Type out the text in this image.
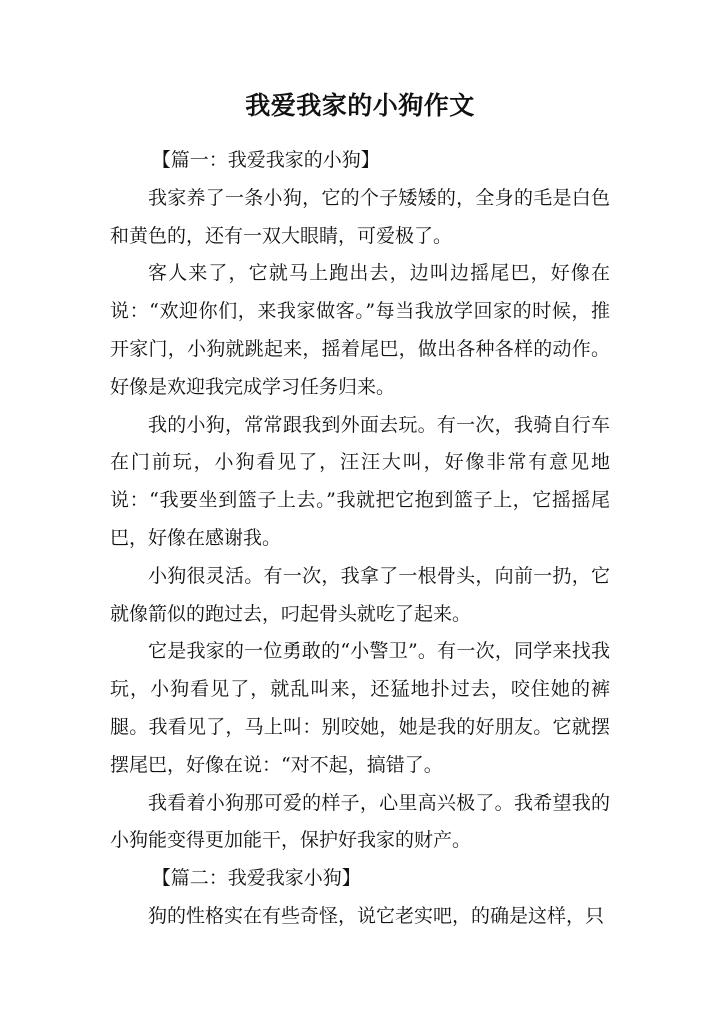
我爱我家的小狗作文

【篇一：我爱我家的小狗】

我家养了一条小狗，它的个子矮矮的，全身的毛是白色和黄色的，还有一双大眼睛，可爱极了。

客人来了，它就马上跑出去，边叫边摇尾巴，好像在说：“欢迎你们，来我家做客。”每当我放学回家的时候，推开家门，小狗就跳起来，摇着尾巴，做出各种各样的动作。好像是欢迎我完成学习任务归来。

我的小狗，常常跟我到外面去玩。有一次，我骑自行车在门前玩，小狗看见了，汪汪大叫，好像非常有意见地说：“我要坐到篮子上去。”我就把它抱到篮子上，它摇摇尾巴，好像在感谢我。

小狗很灵活。有一次，我拿了一根骨头，向前一扔，它就像箭似的跑过去，叼起骨头就吃了起来。

它是我家的一位勇敢的“小警卫”。有一次，同学来找我玩，小狗看见了，就乱叫来，还猛地扑过去，咬住她的裤腿。我看见了，马上叫：别咬她，她是我的好朋友。它就摆摆尾巴，好像在说：“对不起，搞错了。

我看着小狗那可爱的样子，心里高兴极了。我希望我的小狗能变得更加能干，保护好我家的财产。

【篇二：我爱我家小狗】

狗的性格实在有些奇怪，说它老实吧，的确是这样，只
